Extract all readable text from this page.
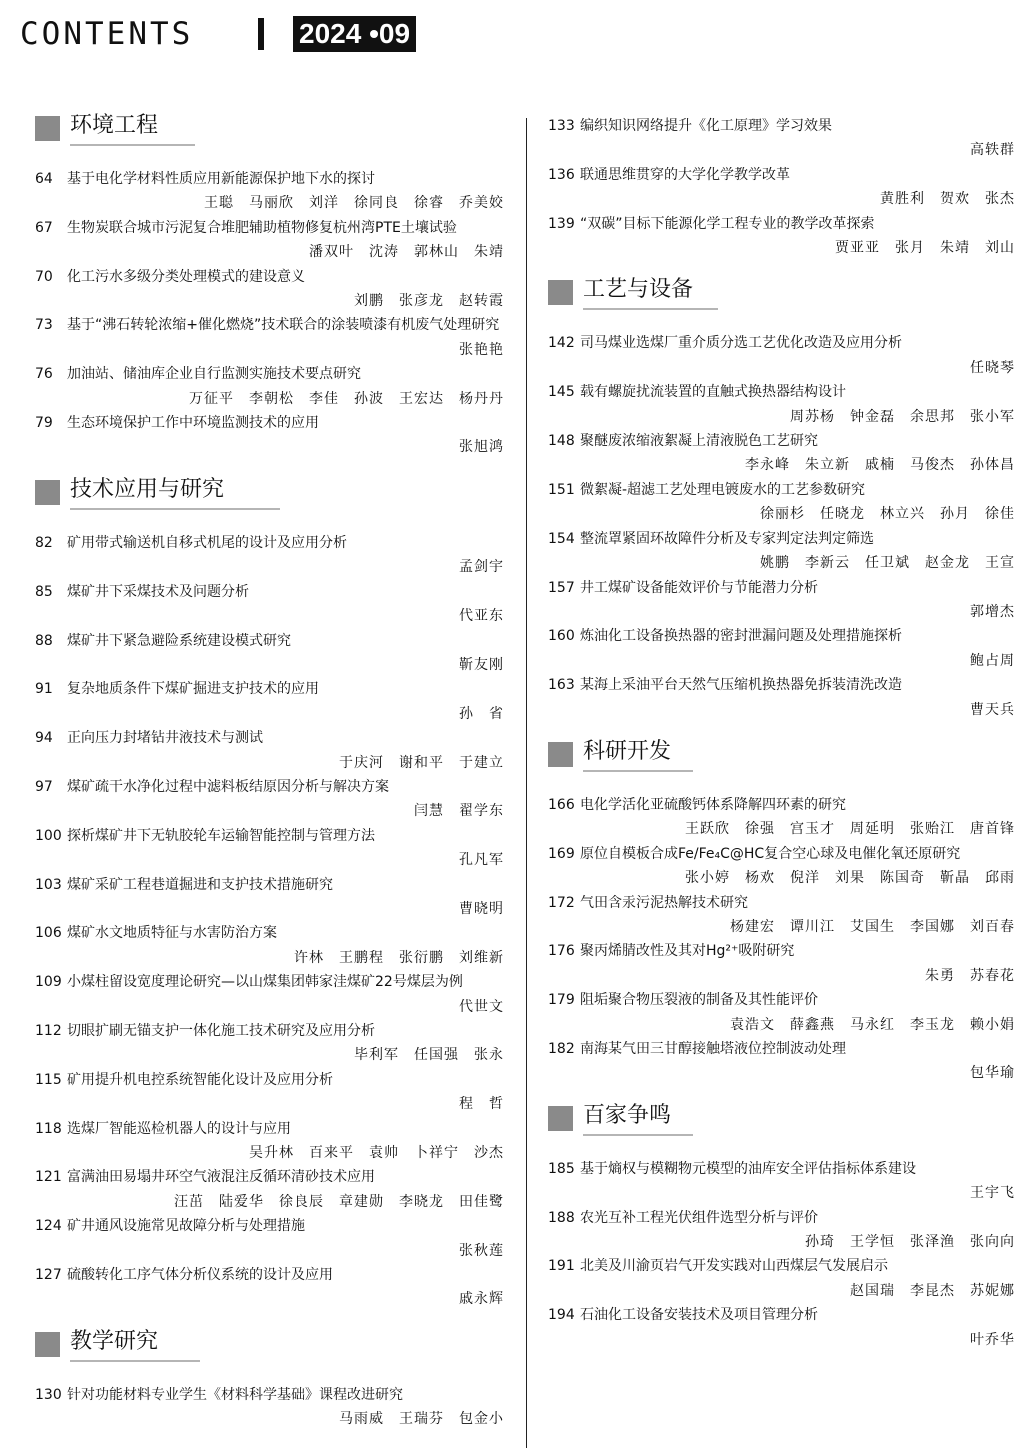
CONTENTS	2024 •09
环境工程
64 基于电化学材料性质应用新能源保护地下水的探讨
王聪　马丽欣　刘洋　徐同良　徐睿　乔美姣
67 生物炭联合城市污泥复合堆肥辅助植物修复杭州湾PTE土壤试验
潘双叶　沈涛　郭林山　朱靖
70 化工污水多级分类处理模式的建设意义
刘鹏　张彦龙　赵转霞
73 基于“沸石转轮浓缩+催化燃烧”技术联合的涂装喷漆有机废气处理研究
张艳艳
76 加油站、储油库企业自行监测实施技术要点研究
万征平　李朝松　李佳　孙波　王宏达　杨丹丹
79 生态环境保护工作中环境监测技术的应用
张旭鸿
技术应用与研究
82 矿用带式输送机自移式机尾的设计及应用分析
孟剑宇
85 煤矿井下采煤技术及问题分析
代亚东
88 煤矿井下紧急避险系统建设模式研究
靳友刚
91 复杂地质条件下煤矿掘进支护技术的应用
孙　省
94 正向压力封堵钻井液技术与测试
于庆河　谢和平　于建立
97 煤矿疏干水净化过程中滤料板结原因分析与解决方案
闫慧　翟学东
100 探析煤矿井下无轨胶轮车运输智能控制与管理方法
孔凡军
103 煤矿采矿工程巷道掘进和支护技术措施研究
曹晓明
106 煤矿水文地质特征与水害防治方案
许林　王鹏程　张衍鹏　刘维新
109 小煤柱留设宽度理论研究—以山煤集团韩家洼煤矿22号煤层为例
代世文
112 切眼扩刷无锚支护一体化施工技术研究及应用分析
毕利军　任国强　张永
115 矿用提升机电控系统智能化设计及应用分析
程　哲
118 选煤厂智能巡检机器人的设计与应用
吴升林　百来平　袁帅　卜祥宁　沙杰
121 富满油田易塌井环空气液混注反循环清砂技术应用
汪茁　陆爱华　徐良辰　章建勋　李晓龙　田佳鹭
124 矿井通风设施常见故障分析与处理措施
张秋莲
127 硫酸转化工序气体分析仪系统的设计及应用
戚永辉
教学研究
130 针对功能材料专业学生《材料科学基础》课程改进研究
马雨威　王瑞芬　包金小
133 编织知识网络提升《化工原理》学习效果
高轶群
136 联通思维贯穿的大学化学教学改革
黄胜利　贺欢　张杰
139 “双碳”目标下能源化学工程专业的教学改革探索
贾亚亚　张月　朱靖　刘山
工艺与设备
142 司马煤业选煤厂重介质分选工艺优化改造及应用分析
任晓琴
145 载有螺旋扰流装置的直触式换热器结构设计
周苏杨　钟金磊　余思邦　张小军
148 聚醚废浓缩液絮凝上清液脱色工艺研究
李永峰　朱立新　戚楠　马俊杰　孙体昌
151 微絮凝-超滤工艺处理电镀废水的工艺参数研究
徐丽杉　任晓龙　林立兴　孙月　徐佳
154 整流罩紧固环故障件分析及专家判定法判定筛选
姚鹏　李新云　任卫斌　赵金龙　王宣
157 井工煤矿设备能效评价与节能潜力分析
郭增杰
160 炼油化工设备换热器的密封泄漏问题及处理措施探析
鲍占周
163 某海上采油平台天然气压缩机换热器免拆装清洗改造
曹天兵
科研开发
166 电化学活化亚硫酸钙体系降解四环素的研究
王跃欣　徐强　宫玉才　周延明　张贻江　唐首锋
169 原位自模板合成Fe/Fe₄C@HC复合空心球及电催化氧还原研究
张小婷　杨欢　倪洋　刘果　陈国奇　靳晶　邱雨
172 气田含汞污泥热解技术研究
杨建宏　谭川江　艾国生　李国娜　刘百春
176 聚丙烯腈改性及其对Hg²⁺吸附研究
朱勇　苏春花
179 阻垢聚合物压裂液的制备及其性能评价
袁浩文　薛鑫燕　马永红　李玉龙　赖小娟
182 南海某气田三甘醇接触塔液位控制波动处理
包华瑜
百家争鸣
185 基于熵权与模糊物元模型的油库安全评估指标体系建设
王宇飞
188 农光互补工程光伏组件选型分析与评价
孙琦　王学恒　张泽渔　张向向
191 北美及川渝页岩气开发实践对山西煤层气发展启示
赵国瑞　李昆杰　苏妮娜
194 石油化工设备安装技术及项目管理分析
叶乔华
